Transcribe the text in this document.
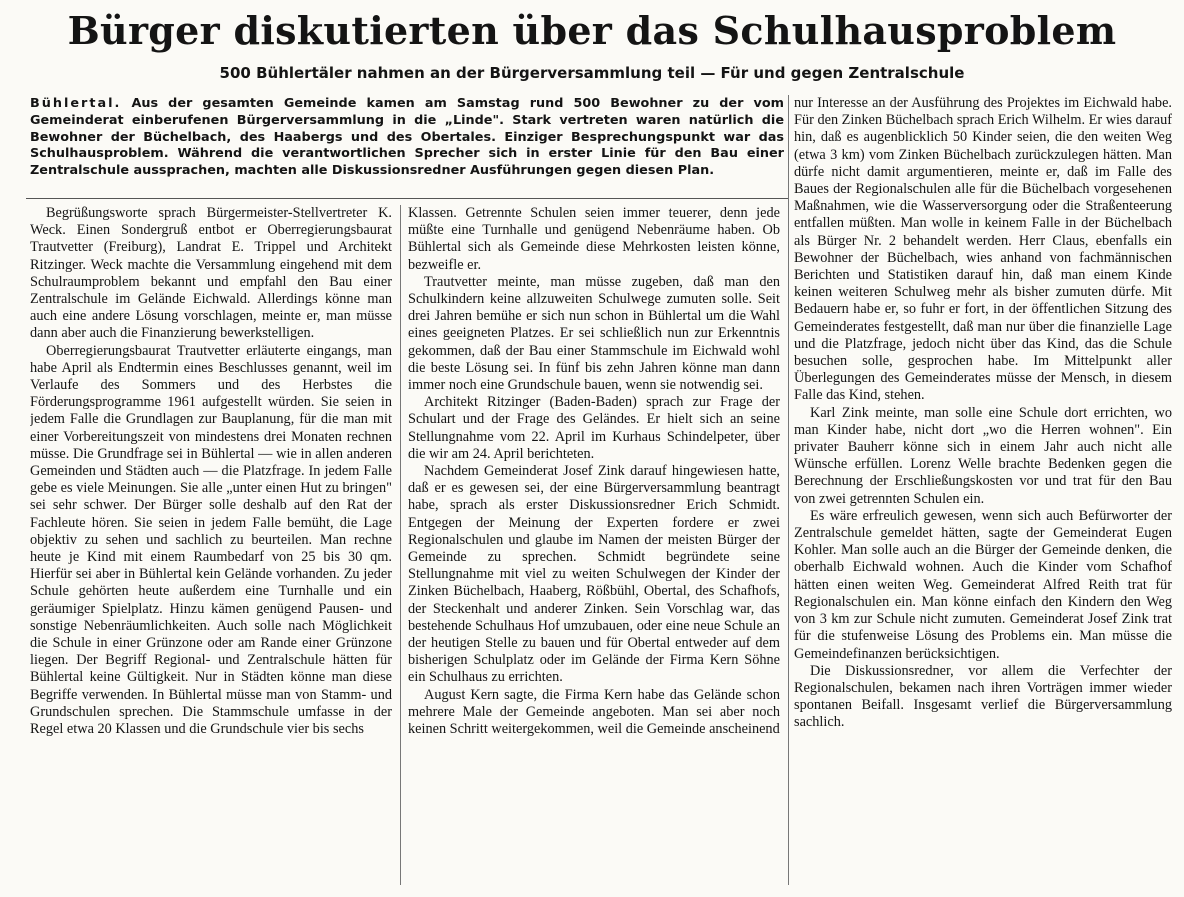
Bürger diskutierten über das Schulhausproblem
500 Bühlertäler nahmen an der Bürgerversammlung teil — Für und gegen Zentralschule

Bühlertal. Aus der gesamten Gemeinde kamen am Samstag rund 500 Bewohner zu der vom Gemeinderat einberufenen Bürgerversammlung in die „Linde". Stark vertreten waren natürlich die Bewohner der Büchelbach, des Haabergs und des Obertales. Einziger Besprechungspunkt war das Schulhausproblem. Während die verantwortlichen Sprecher sich in erster Linie für den Bau einer Zentralschule aussprachen, machten alle Diskussionsredner Ausführungen gegen diesen Plan.

Begrüßungsworte sprach Bürgermeister-Stellvertreter K. Weck. Einen Sondergruß entbot er Oberregierungsbaurat Trautvetter (Freiburg), Landrat E. Trippel und Architekt Ritzinger. Weck machte die Versammlung eingehend mit dem Schulraumproblem bekannt und empfahl den Bau einer Zentralschule im Gelände Eichwald. Allerdings könne man auch eine andere Lösung vorschlagen, meinte er, man müsse dann aber auch die Finanzierung bewerkstelligen.

Oberregierungsbaurat Trautvetter erläuterte eingangs, man habe April als Endtermin eines Beschlusses genannt, weil im Verlaufe des Sommers und des Herbstes die Förderungsprogramme 1961 aufgestellt würden. Sie seien in jedem Falle die Grundlagen zur Bauplanung, für die man mit einer Vorbereitungszeit von mindestens drei Monaten rechnen müsse. Die Grundfrage sei in Bühlertal — wie in allen anderen Gemeinden und Städten auch — die Platzfrage. In jedem Falle gebe es viele Meinungen. Sie alle „unter einen Hut zu bringen" sei sehr schwer. Der Bürger solle deshalb auf den Rat der Fachleute hören. Sie seien in jedem Falle bemüht, die Lage objektiv zu sehen und sachlich zu beurteilen. Man rechne heute je Kind mit einem Raumbedarf von 25 bis 30 qm. Hierfür sei aber in Bühlertal kein Gelände vorhanden. Zu jeder Schule gehörten heute außerdem eine Turnhalle und ein geräumiger Spielplatz. Hinzu kämen genügend Pausen- und sonstige Nebenräumlichkeiten. Auch solle nach Möglichkeit die Schule in einer Grünzone oder am Rande einer Grünzone liegen. Der Begriff Regional- und Zentralschule hätten für Bühlertal keine Gültigkeit. Nur in Städten könne man diese Begriffe verwenden. In Bühlertal müsse man von Stamm- und Grundschulen sprechen. Die Stammschule umfasse in der Regel etwa 20 Klassen und die Grundschule vier bis sechs

Klassen. Getrennte Schulen seien immer teuerer, denn jede müßte eine Turnhalle und genügend Nebenräume haben. Ob Bühlertal sich als Gemeinde diese Mehrkosten leisten könne, bezweifle er.

Trautvetter meinte, man müsse zugeben, daß man den Schulkindern keine allzuweiten Schulwege zumuten solle. Seit drei Jahren bemühe er sich nun schon in Bühlertal um die Wahl eines geeigneten Platzes. Er sei schließlich nun zur Erkenntnis gekommen, daß der Bau einer Stammschule im Eichwald wohl die beste Lösung sei. In fünf bis zehn Jahren könne man dann immer noch eine Grundschule bauen, wenn sie notwendig sei.

Architekt Ritzinger (Baden-Baden) sprach zur Frage der Schulart und der Frage des Geländes. Er hielt sich an seine Stellungnahme vom 22. April im Kurhaus Schindelpeter, über die wir am 24. April berichteten.

Nachdem Gemeinderat Josef Zink darauf hingewiesen hatte, daß er es gewesen sei, der eine Bürgerversammlung beantragt habe, sprach als erster Diskussionsredner Erich Schmidt. Entgegen der Meinung der Experten fordere er zwei Regionalschulen und glaube im Namen der meisten Bürger der Gemeinde zu sprechen. Schmidt begründete seine Stellungnahme mit viel zu weiten Schulwegen der Kinder der Zinken Büchelbach, Haaberg, Rößbühl, Obertal, des Schafhofs, der Steckenhalt und anderer Zinken. Sein Vorschlag war, das bestehende Schulhaus Hof umzubauen, oder eine neue Schule an der heutigen Stelle zu bauen und für Obertal entweder auf dem bisherigen Schulplatz oder im Gelände der Firma Kern Söhne ein Schulhaus zu errichten.

August Kern sagte, die Firma Kern habe das Gelände schon mehrere Male der Gemeinde angeboten. Man sei aber noch keinen Schritt weitergekommen, weil die Gemeinde anscheinend

nur Interesse an der Ausführung des Projektes im Eichwald habe. Für den Zinken Büchelbach sprach Erich Wilhelm. Er wies darauf hin, daß es augenblicklich 50 Kinder seien, die den weiten Weg (etwa 3 km) vom Zinken Büchelbach zurückzulegen hätten. Man dürfe nicht damit argumentieren, meinte er, daß im Falle des Baues der Regionalschulen alle für die Büchelbach vorgesehenen Maßnahmen, wie die Wasserversorgung oder die Straßenteerung entfallen müßten. Man wolle in keinem Falle in der Büchelbach als Bürger Nr. 2 behandelt werden. Herr Claus, ebenfalls ein Bewohner der Büchelbach, wies anhand von fachmännischen Berichten und Statistiken darauf hin, daß man einem Kinde keinen weiteren Schulweg mehr als bisher zumuten dürfe. Mit Bedauern habe er, so fuhr er fort, in der öffentlichen Sitzung des Gemeinderates festgestellt, daß man nur über die finanzielle Lage und die Platzfrage, jedoch nicht über das Kind, das die Schule besuchen solle, gesprochen habe. Im Mittelpunkt aller Überlegungen des Gemeinderates müsse der Mensch, in diesem Falle das Kind, stehen.

Karl Zink meinte, man solle eine Schule dort errichten, wo man Kinder habe, nicht dort „wo die Herren wohnen". Ein privater Bauherr könne sich in einem Jahr auch nicht alle Wünsche erfüllen. Lorenz Welle brachte Bedenken gegen die Berechnung der Erschließungskosten vor und trat für den Bau von zwei getrennten Schulen ein.

Es wäre erfreulich gewesen, wenn sich auch Befürworter der Zentralschule gemeldet hätten, sagte der Gemeinderat Eugen Kohler. Man solle auch an die Bürger der Gemeinde denken, die oberhalb Eichwald wohnen. Auch die Kinder vom Schafhof hätten einen weiten Weg. Gemeinderat Alfred Reith trat für Regionalschulen ein. Man könne einfach den Kindern den Weg von 3 km zur Schule nicht zumuten. Gemeinderat Josef Zink trat für die stufenweise Lösung des Problems ein. Man müsse die Gemeindefinanzen berücksichtigen.

Die Diskussionsredner, vor allem die Verfechter der Regionalschulen, bekamen nach ihren Vorträgen immer wieder spontanen Beifall. Insgesamt verlief die Bürgerversammlung sachlich.
